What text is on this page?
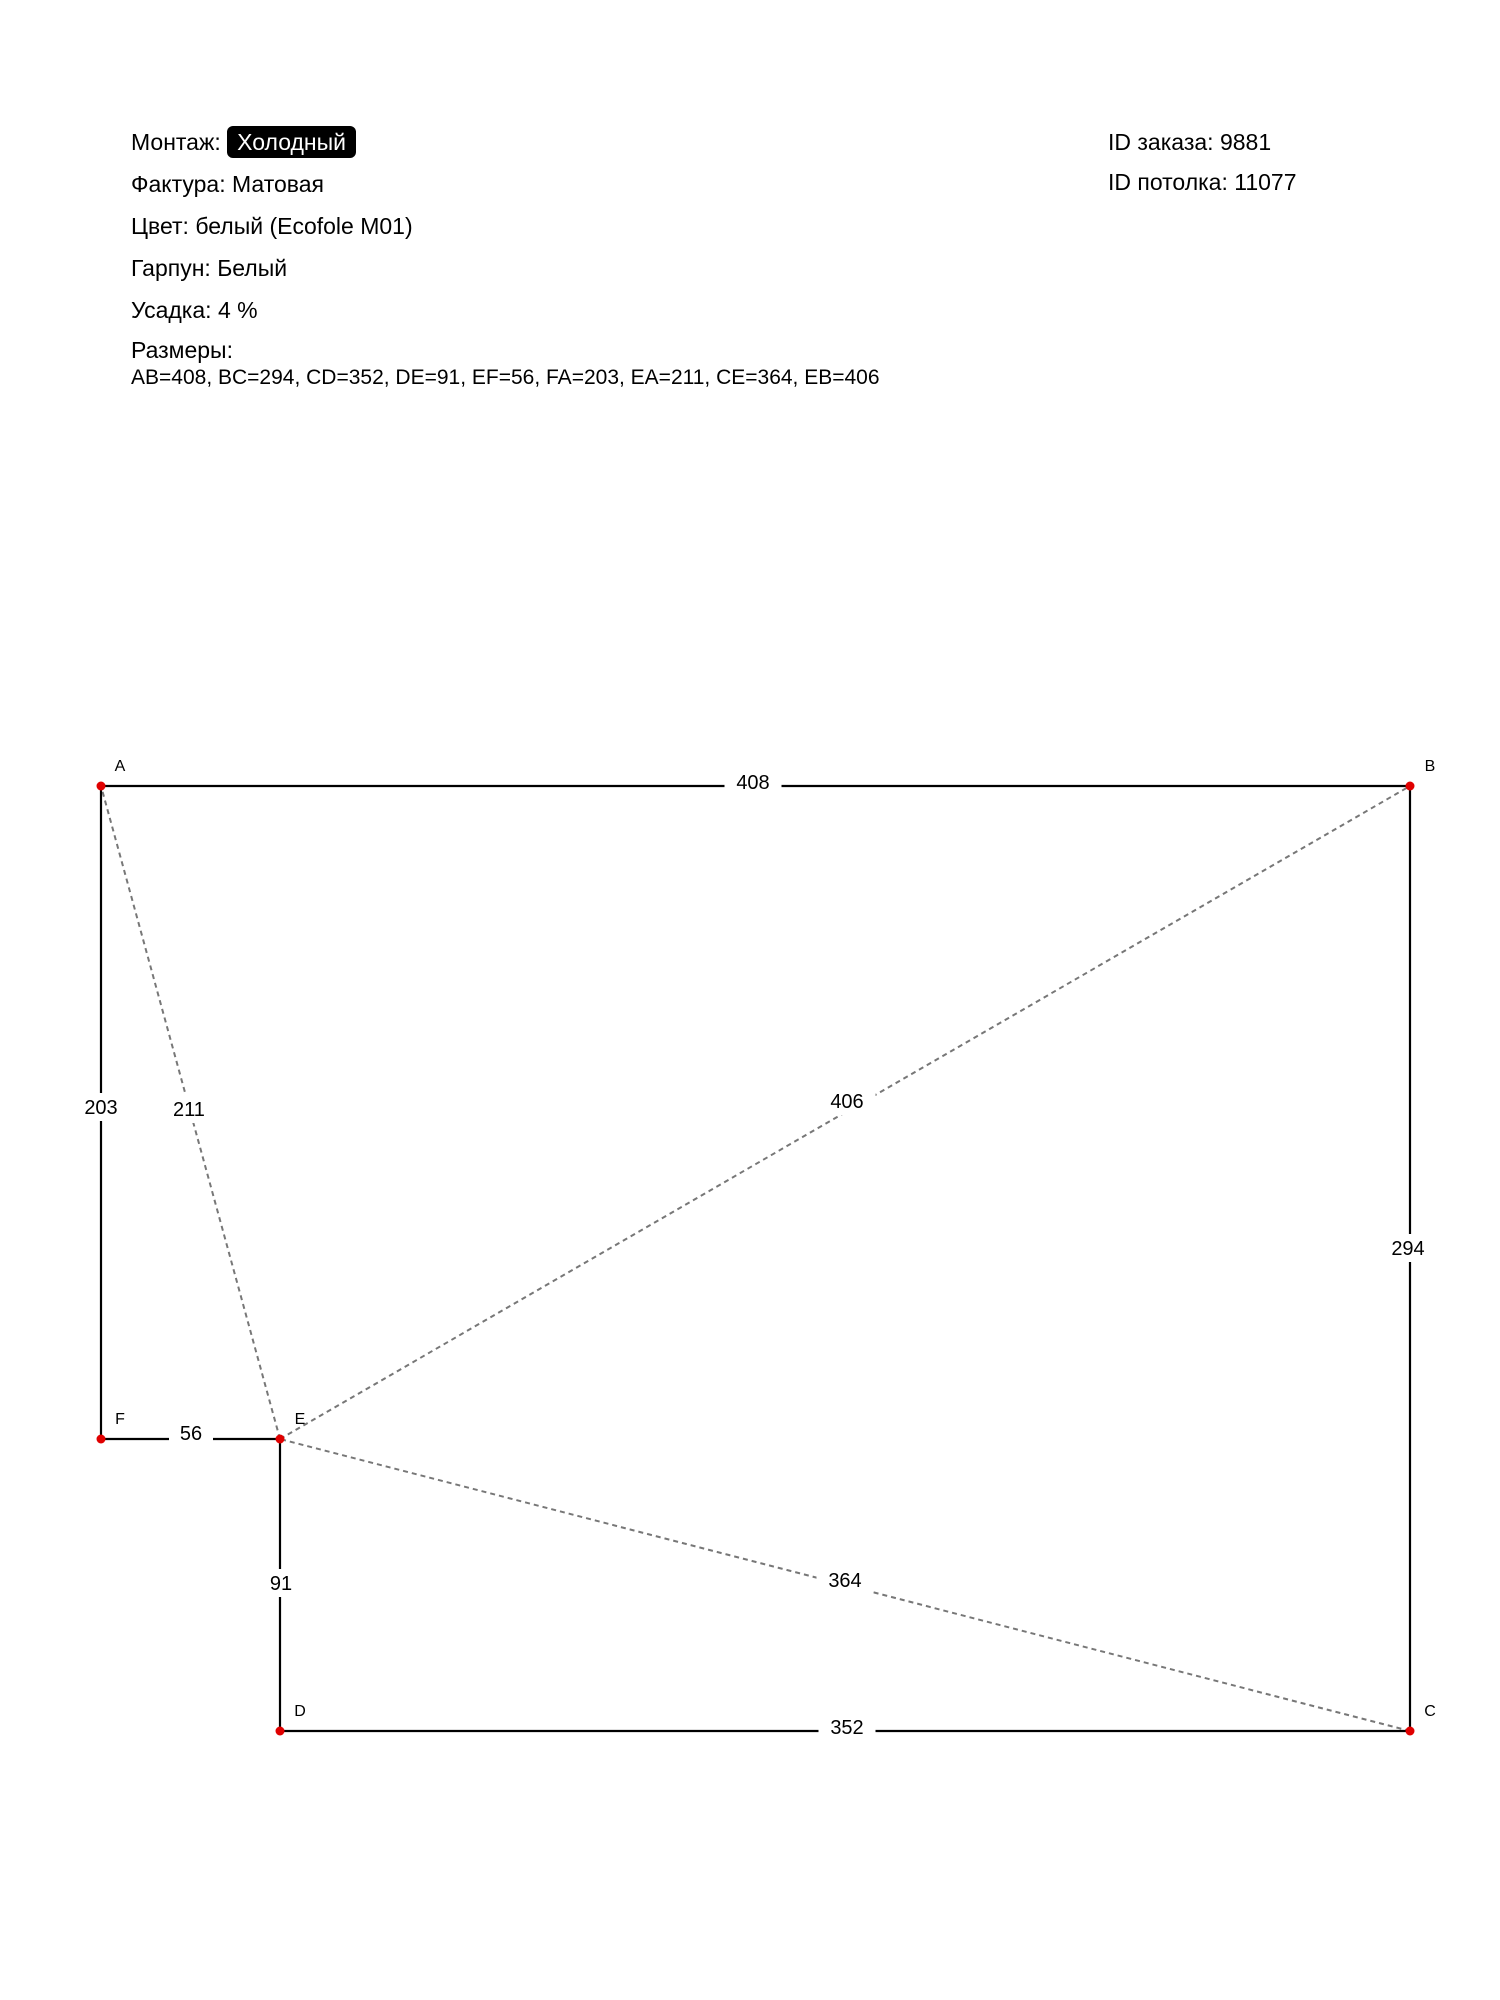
Монтаж: Холодный
Фактура: Матовая
Цвет: белый (Ecofole M01)
Гарпун: Белый
Усадка: 4 %
Размеры:
AB=408, BC=294, CD=352, DE=91, EF=56, FA=203, EA=211, CE=364, EB=406
ID заказа: 9881
ID потолка: 11077
211
364
406
408
294
352
91
56
203
A	B
C
D
E
F
